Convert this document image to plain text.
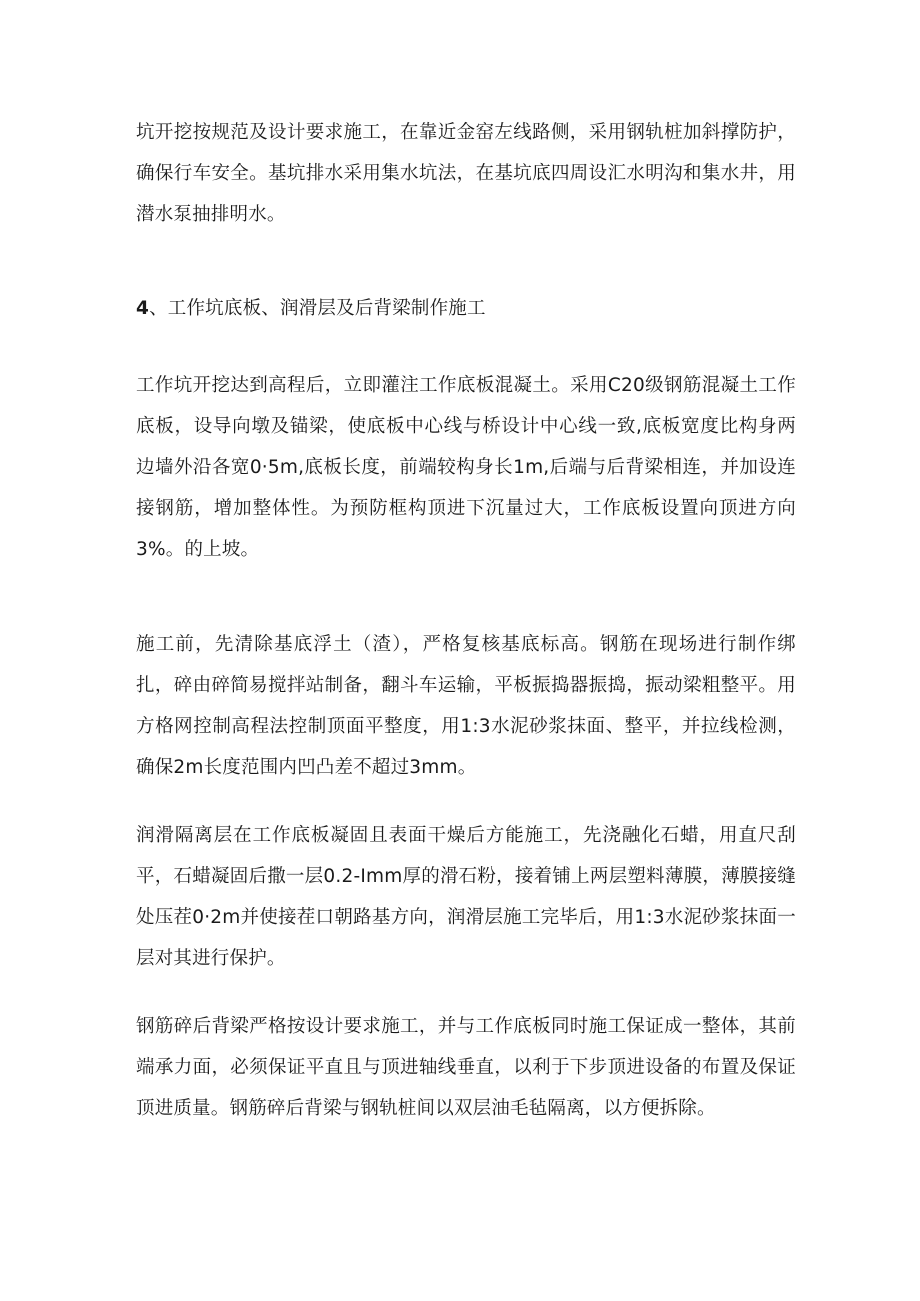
坑开挖按规范及设计要求施工，在靠近金窑左线路侧，采用钢轨桩加斜撑防护，确保行车安全。基坑排水采用集水坑法，在基坑底四周设汇水明沟和集水井，用潜水泵抽排明水。

4、工作坑底板、润滑层及后背梁制作施工

工作坑开挖达到高程后，立即灌注工作底板混凝土。采用C20级钢筋混凝土工作底板，设导向墩及锚梁，使底板中心线与桥设计中心线一致,底板宽度比构身两边墙外沿各宽0·5m,底板长度，前端较构身长1m,后端与后背梁相连，并加设连接钢筋，增加整体性。为预防框构顶进下沉量过大，工作底板设置向顶进方向3%。的上坡。

施工前，先清除基底浮土（渣），严格复核基底标高。钢筋在现场进行制作绑扎，碎由碎简易搅拌站制备，翻斗车运输，平板振捣器振捣，振动梁粗整平。用方格网控制高程法控制顶面平整度，用1:3水泥砂浆抹面、整平，并拉线检测，确保2m长度范围内凹凸差不超过3mm。

润滑隔离层在工作底板凝固且表面干燥后方能施工，先浇融化石蜡，用直尺刮平，石蜡凝固后撒一层0.2-Imm厚的滑石粉，接着铺上两层塑料薄膜，薄膜接缝处压茬0·2m并使接茬口朝路基方向，润滑层施工完毕后，用1:3水泥砂浆抹面一层对其进行保护。

钢筋碎后背梁严格按设计要求施工，并与工作底板同时施工保证成一整体，其前端承力面，必须保证平直且与顶进轴线垂直，以利于下步顶进设备的布置及保证顶进质量。钢筋碎后背梁与钢轨桩间以双层油毛毡隔离，以方便拆除。
